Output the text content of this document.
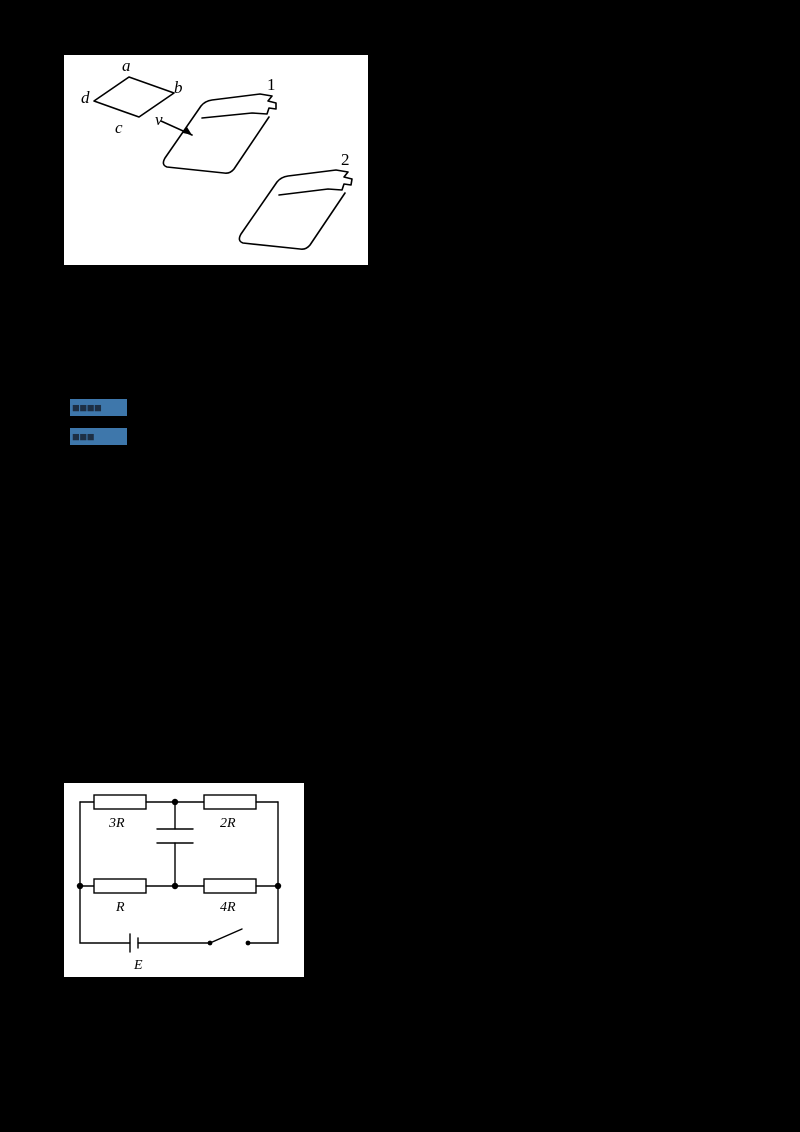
a
b
c
d
v
1
2
■■■■
■■■
3R	2R
R	4R
E
